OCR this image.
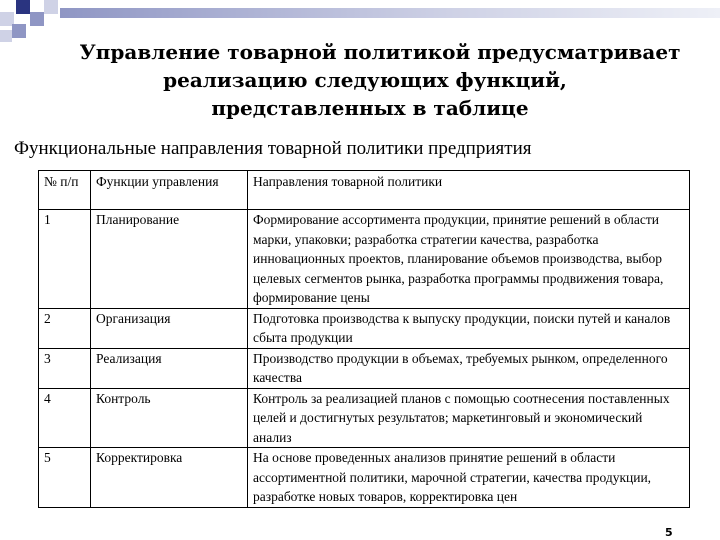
Управление товарной политикой предусматривает
реализацию следующих функций,
представленных в таблице
Функциональные направления товарной политики предприятия
№ п/п	Функции управления	Направления товарной политики
1	Планирование	Формирование ассортимента продукции, принятие решений в области марки, упаковки; разработка стратегии качества, разработка инновационных проектов, планирование объемов производства, выбор целевых сегментов рынка, разработка программы продвижения товара, формирование цены
2	Организация	Подготовка производства к выпуску продукции, поиски путей и каналов сбыта продукции
3	Реализация	Производство продукции в объемах, требуемых рынком, определенного качества
4	Контроль	Контроль за реализацией планов с помощью соотнесения поставленных целей и достигнутых результатов; маркетинговый и экономический анализ
5	Корректировка	На основе проведенных анализов принятие решений в области ассортиментной политики, марочной стратегии, качества продукции, разработке новых товаров, корректировка цен
5
